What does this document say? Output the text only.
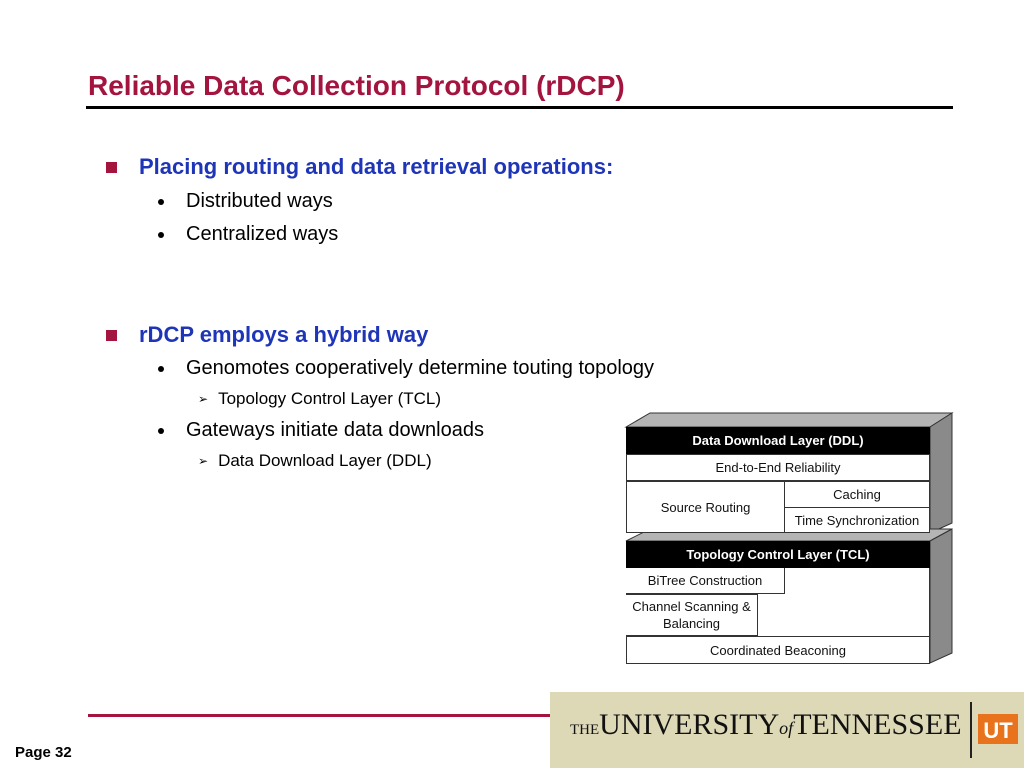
Reliable Data Collection Protocol (rDCP)
Placing routing and data retrieval operations:
Distributed ways
Centralized ways
rDCP employs a hybrid way
Genomotes cooperatively determine touting topology
➢ Topology Control Layer (TCL)
Gateways initiate data downloads
➢ Data Download Layer (DDL)
Data Download Layer (DDL)
End-to-End Reliability
Source Routing
Caching
Time Synchronization
Topology Control Layer (TCL)
BiTree Construction
Channel Scanning & Balancing
Coordinated Beaconing
Page 32
THEUNIVERSITYofTENNESSEE UT
